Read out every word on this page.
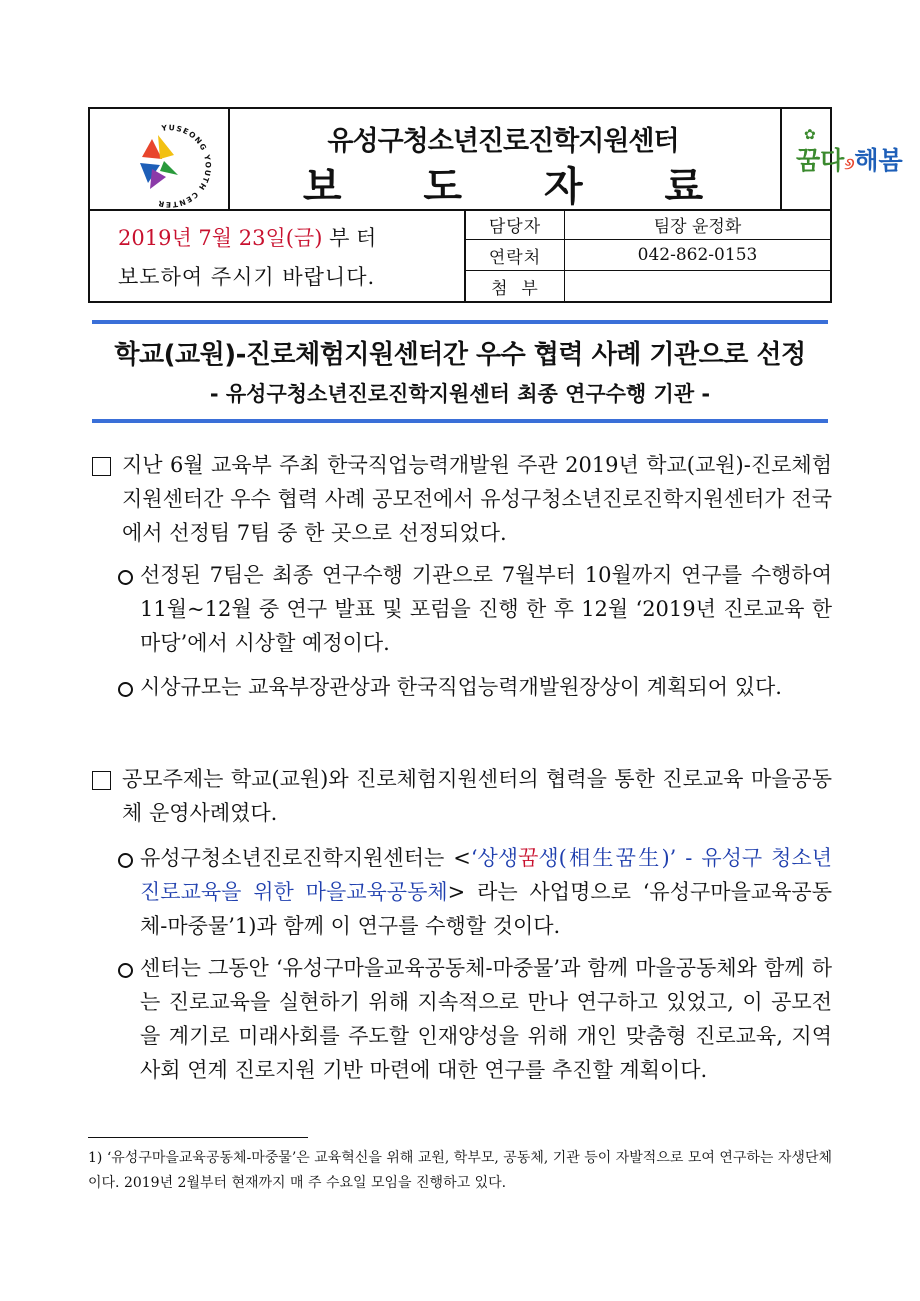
YUSEONG YOUTH CENTER
유성구청소년진로진학지원센터
보 도 자 료
✿
꿈다୬해봄
2019년 7월 23일(금) 부 터
보도하여 주시기 바랍니다.
담당자	팀장 윤정화
연락처	042-862-0153
첨  부	
학교(교원)-진로체험지원센터간 우수 협력 사례 기관으로 선정
- 유성구청소년진로진학지원센터 최종 연구수행 기관 -
지난 6월 교육부 주최 한국직업능력개발원 주관 2019년 학교(교원)-진로체험지원센터간 우수 협력 사례 공모전에서 유성구청소년진로진학지원센터가 전국에서 선정팀 7팀 중 한 곳으로 선정되었다.
선정된 7팀은 최종 연구수행 기관으로 7월부터 10월까지 연구를 수행하여 11월~12월 중 연구 발표 및 포럼을 진행 한 후 12월 ‘2019년 진로교육 한마당’에서 시상할 예정이다.
시상규모는 교육부장관상과 한국직업능력개발원장상이 계획되어 있다.
공모주제는 학교(교원)와 진로체험지원센터의 협력을 통한 진로교육 마을공동체 운영사례였다.
유성구청소년진로진학지원센터는 <‘상생꿈생(相生꿈生)’ - 유성구 청소년 진로교육을 위한 마을교육공동체> 라는 사업명으로 ‘유성구마을교육공동체-마중물’1)과 함께 이 연구를 수행할 것이다.
센터는 그동안 ‘유성구마을교육공동체-마중물’과 함께 마을공동체와 함께 하는 진로교육을 실현하기 위해 지속적으로 만나 연구하고 있었고, 이 공모전을 계기로 미래사회를 주도할 인재양성을 위해 개인 맞춤형 진로교육, 지역사회 연계 진로지원 기반 마련에 대한 연구를 추진할 계획이다.
1) ‘유성구마을교육공동체-마중물’은 교육혁신을 위해 교원, 학부모, 공동체, 기관 등이 자발적으로 모여 연구하는 자생단체이다. 2019년 2월부터 현재까지 매 주 수요일 모임을 진행하고 있다.
